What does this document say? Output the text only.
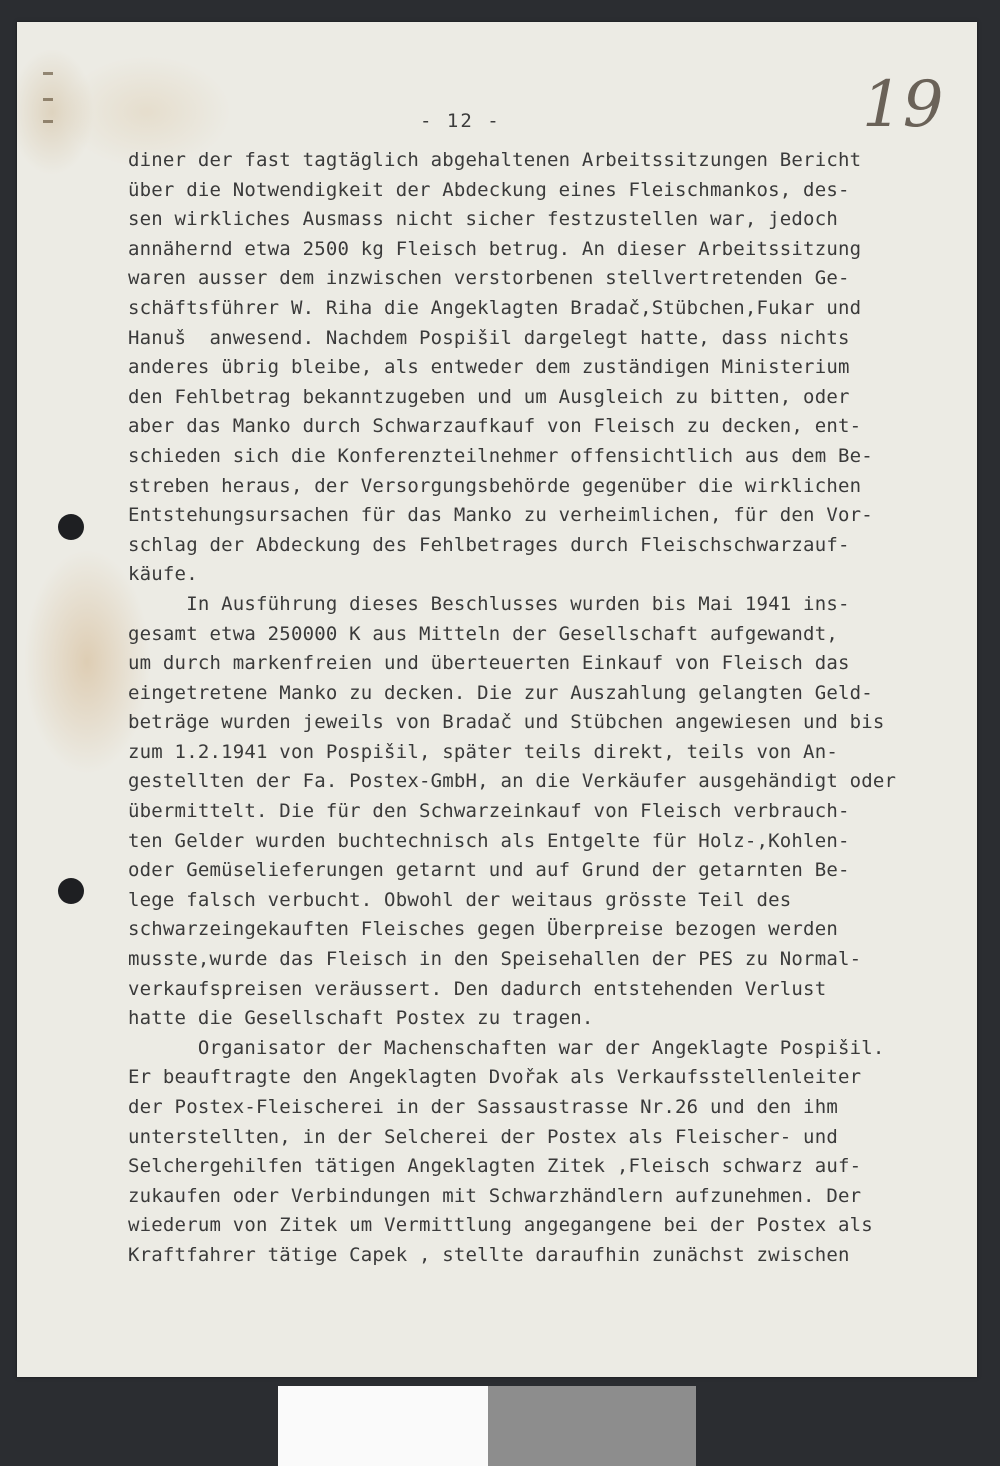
- 12 -	19
diner der fast tagtäglich abgehaltenen Arbeitssitzungen Bericht
über die Notwendigkeit der Abdeckung eines Fleischmankos, des-
sen wirkliches Ausmass nicht sicher festzustellen war, jedoch
annähernd etwa 2500 kg Fleisch betrug. An dieser Arbeitssitzung
waren ausser dem inzwischen verstorbenen stellvertretenden Ge-
schäftsführer W. Riha die Angeklagten Bradač,Stübchen,Fukar und
Hanuš  anwesend. Nachdem Pospišil dargelegt hatte, dass nichts
anderes übrig bleibe, als entweder dem zuständigen Ministerium
den Fehlbetrag bekanntzugeben und um Ausgleich zu bitten, oder
aber das Manko durch Schwarzaufkauf von Fleisch zu decken, ent-
schieden sich die Konferenzteilnehmer offensichtlich aus dem Be-
streben heraus, der Versorgungsbehörde gegenüber die wirklichen
Entstehungsursachen für das Manko zu verheimlichen, für den Vor-
schlag der Abdeckung des Fehlbetrages durch Fleischschwarzauf-
käufe.
In Ausführung dieses Beschlusses wurden bis Mai 1941 ins-
gesamt etwa 250000 K aus Mitteln der Gesellschaft aufgewandt,
um durch markenfreien und überteuerten Einkauf von Fleisch das
eingetretene Manko zu decken. Die zur Auszahlung gelangten Geld-
beträge wurden jeweils von Bradač und Stübchen angewiesen und bis
zum 1.2.1941 von Pospišil, später teils direkt, teils von An-
gestellten der Fa. Postex-GmbH, an die Verkäufer ausgehändigt oder
übermittelt. Die für den Schwarzeinkauf von Fleisch verbrauch-
ten Gelder wurden buchtechnisch als Entgelte für Holz-,Kohlen-
oder Gemüselieferungen getarnt und auf Grund der getarnten Be-
lege falsch verbucht. Obwohl der weitaus grösste Teil des
schwarzeingekauften Fleisches gegen Überpreise bezogen werden
musste,wurde das Fleisch in den Speisehallen der PES zu Normal-
verkaufspreisen veräussert. Den dadurch entstehenden Verlust
hatte die Gesellschaft Postex zu tragen.
Organisator der Machenschaften war der Angeklagte Pospišil.
Er beauftragte den Angeklagten Dvořak als Verkaufsstellenleiter
der Postex-Fleischerei in der Sassaustrasse Nr.26 und den ihm
unterstellten, in der Selcherei der Postex als Fleischer- und
Selchergehilfen tätigen Angeklagten Zitek ,Fleisch schwarz auf-
zukaufen oder Verbindungen mit Schwarzhändlern aufzunehmen. Der
wiederum von Zitek um Vermittlung angegangene bei der Postex als
Kraftfahrer tätige Capek , stellte daraufhin zunächst zwischen
